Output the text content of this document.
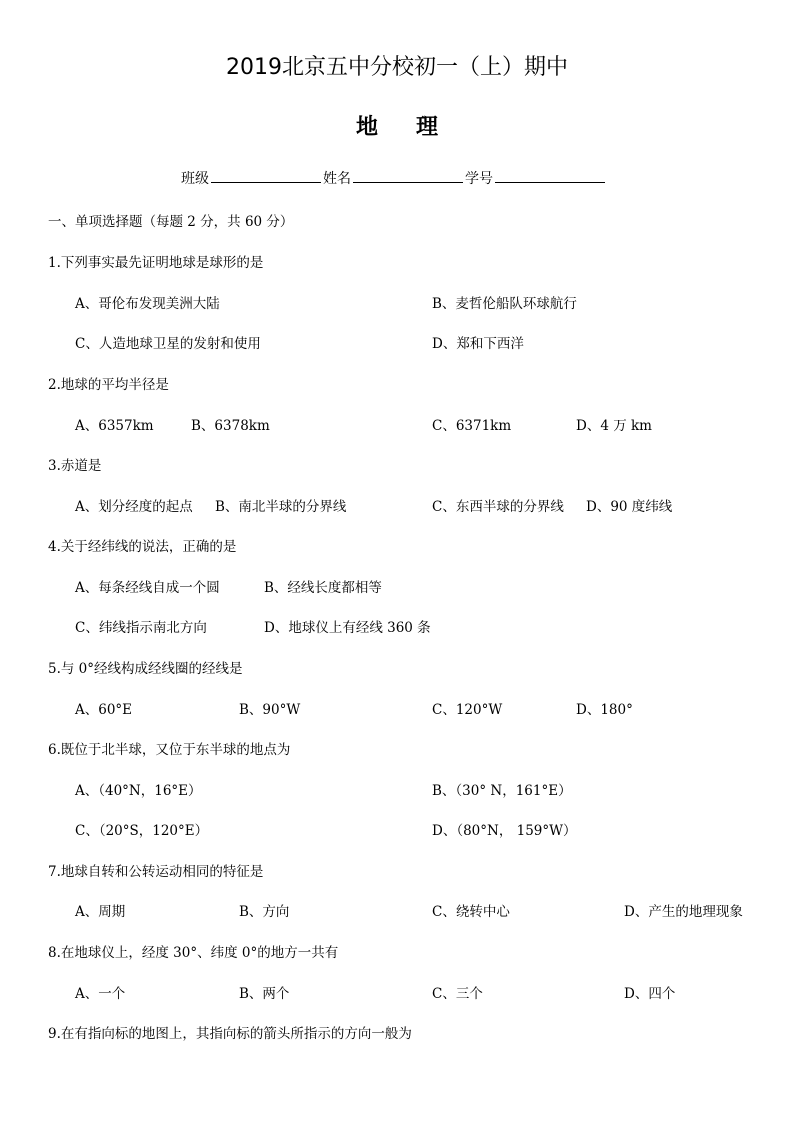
2019北京五中分校初一（上）期中
地理
班级	姓名	学号
一、单项选择题（每题 2 分，共 60 分）
1.下列事实最先证明地球是球形的是
A、哥伦布发现美洲大陆	B、麦哲伦船队环球航行
C、人造地球卫星的发射和使用	D、郑和下西洋
2.地球的平均半径是
A、6357km	B、6378km	C、6371km	D、4 万 km
3.赤道是
A、划分经度的起点 B、南北半球的分界线	C、东西半球的分界线 D、90 度纬线
4.关于经纬线的说法，正确的是
A、每条经线自成一个圆	B、经线长度都相等
C、纬线指示南北方向	D、地球仪上有经线 360 条
5.与 0°经线构成经线圈的经线是
A、60°E	B、90°W	C、120°W	D、180°
6.既位于北半球，又位于东半球的地点为
A、（40°N，16°E）	B、（30° N，161°E）
C、（20°S，120°E）	D、（80°N， 159°W）
7.地球自转和公转运动相同的特征是
A、周期	B、方向	C、绕转中心	D、产生的地理现象
8.在地球仪上，经度 30°、纬度 0°的地方一共有
A、一个	B、两个	C、三个	D、四个
9.在有指向标的地图上，其指向标的箭头所指示的方向一般为
